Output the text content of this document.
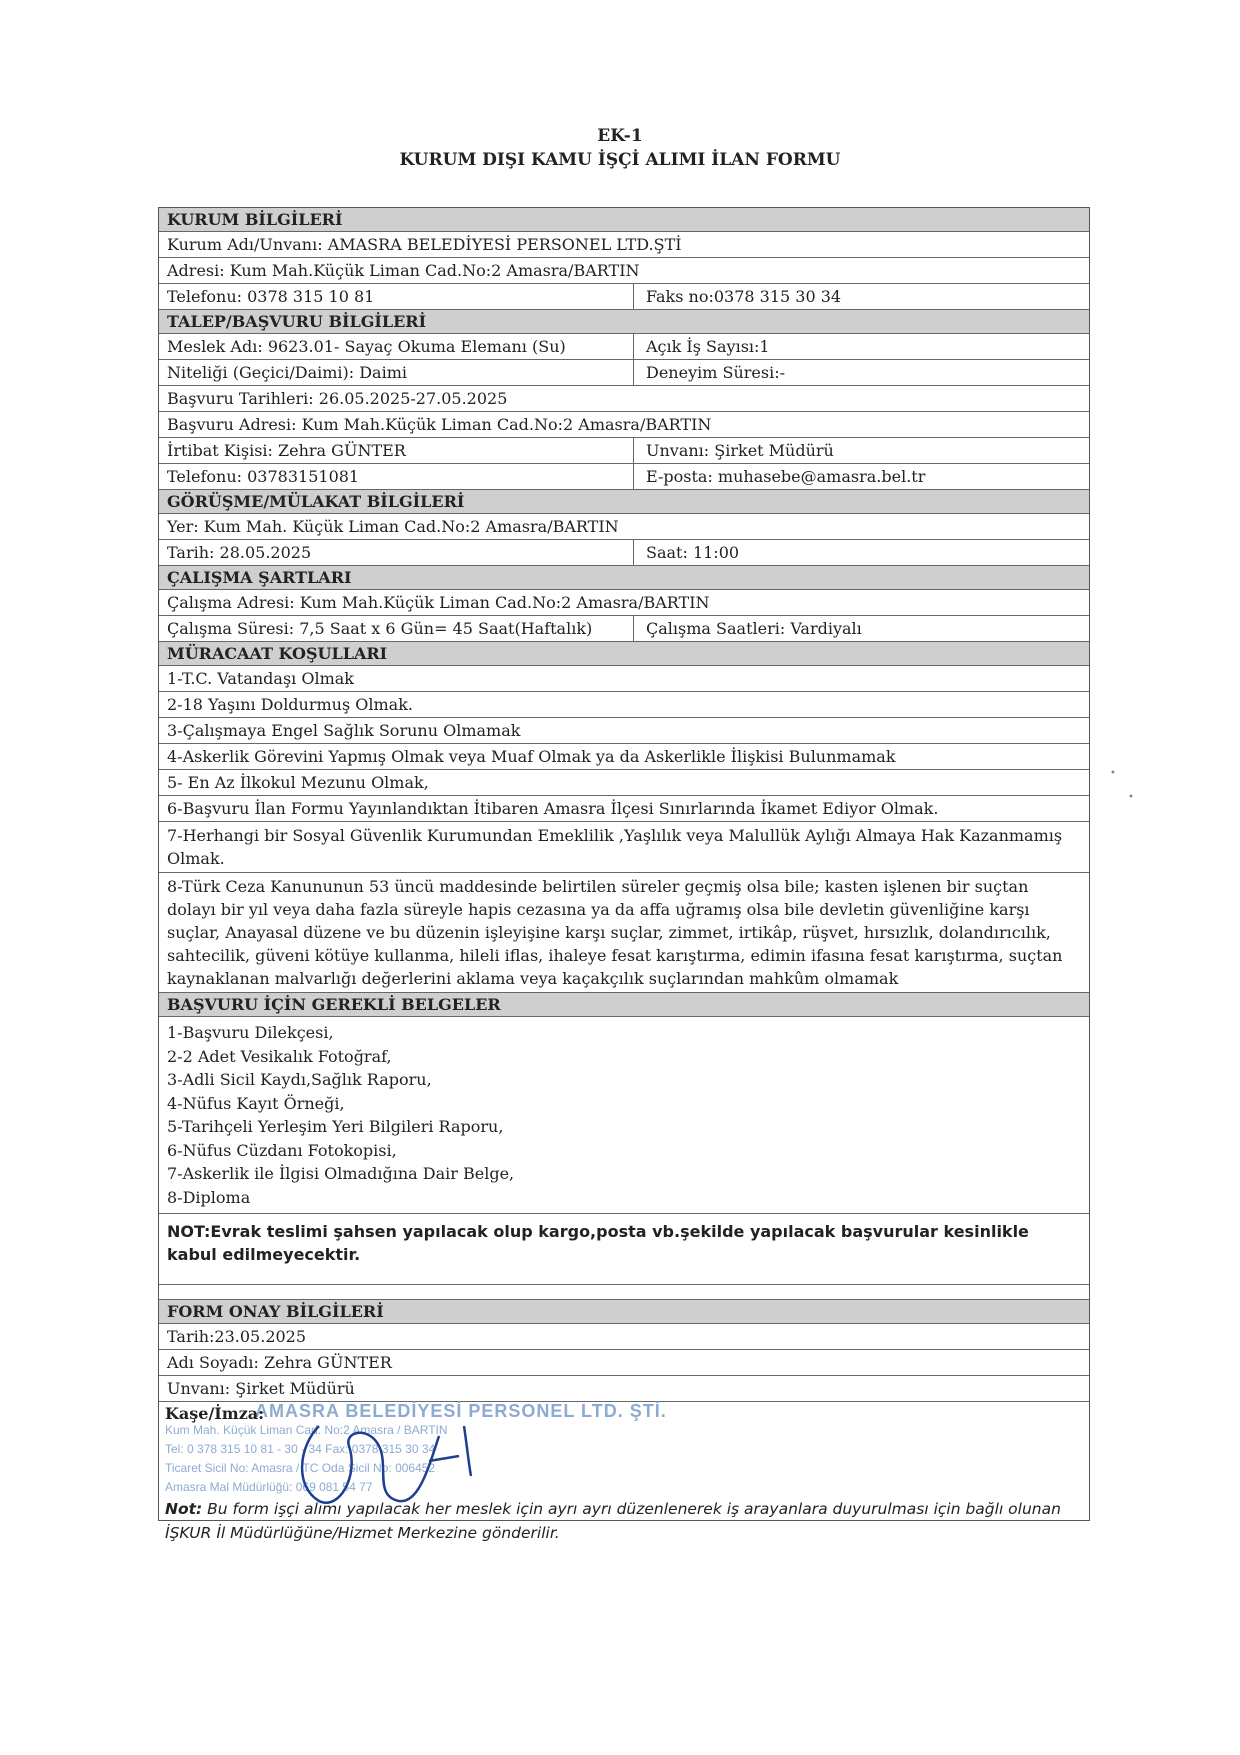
EK-1
KURUM DIŞI KAMU İŞÇİ ALIMI İLAN FORMU
KURUM BİLGİLERİ
Kurum Adı/Unvanı: AMASRA BELEDİYESİ PERSONEL LTD.ŞTİ
Adresi: Kum Mah.Küçük Liman Cad.No:2 Amasra/BARTIN
Telefonu: 0378 315 10 81	Faks no:0378 315 30 34
TALEP/BAŞVURU BİLGİLERİ
Meslek Adı: 9623.01- Sayaç Okuma Elemanı (Su)	Açık İş Sayısı:1
Niteliği (Geçici/Daimi): Daimi	Deneyim Süresi:-
Başvuru Tarihleri: 26.05.2025-27.05.2025
Başvuru Adresi: Kum Mah.Küçük Liman Cad.No:2 Amasra/BARTIN
İrtibat Kişisi: Zehra GÜNTER	Unvanı: Şirket Müdürü
Telefonu: 03783151081	E-posta: muhasebe@amasra.bel.tr
GÖRÜŞME/MÜLAKAT BİLGİLERİ
Yer: Kum Mah. Küçük Liman Cad.No:2 Amasra/BARTIN
Tarih: 28.05.2025	Saat: 11:00
ÇALIŞMA ŞARTLARI
Çalışma Adresi: Kum Mah.Küçük Liman Cad.No:2 Amasra/BARTIN
Çalışma Süresi: 7,5 Saat x 6 Gün= 45 Saat(Haftalık)	Çalışma Saatleri: Vardiyalı
MÜRACAAT KOŞULLARI
1-T.C. Vatandaşı Olmak
2-18 Yaşını Doldurmuş Olmak.
3-Çalışmaya Engel Sağlık Sorunu Olmamak
4-Askerlik Görevini Yapmış Olmak veya Muaf Olmak ya da Askerlikle İlişkisi Bulunmamak
5- En Az İlkokul Mezunu Olmak,
6-Başvuru İlan Formu Yayınlandıktan İtibaren Amasra İlçesi Sınırlarında İkamet Ediyor Olmak.
7-Herhangi bir Sosyal Güvenlik Kurumundan Emeklilik ,Yaşlılık veya Malullük Aylığı Almaya Hak Kazanmamış Olmak.
8-Türk Ceza Kanununun 53 üncü maddesinde belirtilen süreler geçmiş olsa bile; kasten işlenen bir suçtan dolayı bir yıl veya daha fazla süreyle hapis cezasına ya da affa uğramış olsa bile devletin güvenliğine karşı suçlar, Anayasal düzene ve bu düzenin işleyişine karşı suçlar, zimmet, irtikâp, rüşvet, hırsızlık, dolandırıcılık, sahtecilik, güveni kötüye kullanma, hileli iflas, ihaleye fesat karıştırma, edimin ifasına fesat karıştırma, suçtan kaynaklanan malvarlığı değerlerini aklama veya kaçakçılık suçlarından mahkûm olmamak
BAŞVURU İÇİN GEREKLİ BELGELER
1-Başvuru Dilekçesi,
2-2 Adet Vesikalık Fotoğraf,
3-Adli Sicil Kaydı,Sağlık Raporu,
4-Nüfus Kayıt Örneği,
5-Tarihçeli Yerleşim Yeri Bilgileri Raporu,
6-Nüfus Cüzdanı Fotokopisi,
7-Askerlik ile İlgisi Olmadığına Dair Belge,
8-Diploma
NOT:Evrak teslimi şahsen yapılacak olup kargo,posta vb.şekilde yapılacak başvurular kesinlikle kabul edilmeyecektir.
FORM ONAY BİLGİLERİ
Tarih:23.05.2025
Adı Soyadı: Zehra GÜNTER
Unvanı: Şirket Müdürü
AMASRA BELEDİYESİ PERSONEL LTD. ŞTİ.
Kum Mah. Küçük Liman Cad. No:2 Amasra / BARTIN
Tel: 0 378 315 10 81 - 30 - 34 Fax: 0378 315 30 34
Ticaret Sicil No: Amasra / TC Oda Sicil No: 006452
Amasra Mal Müdürlüğü: 069 081 54 77
Kaşe/İmza:
Not: Bu form işçi alımı yapılacak her meslek için ayrı ayrı düzenlenerek iş arayanlara duyurulması için bağlı olunan İŞKUR İl Müdürlüğüne/Hizmet Merkezine gönderilir.
•
•
